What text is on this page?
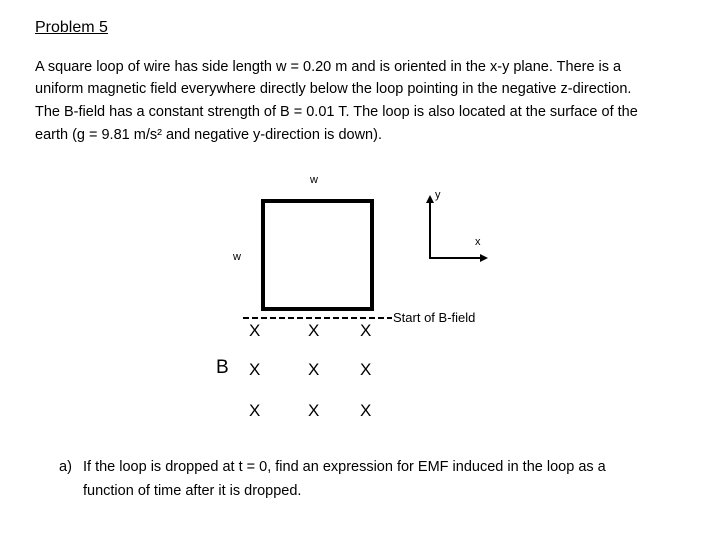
Problem 5
A square loop of wire has side length w = 0.20 m and is oriented in the x-y plane. There is a
uniform magnetic field everywhere directly below the loop pointing in the negative z-direction.
The B-field has a constant strength of B = 0.01 T. The loop is also located at the surface of the
earth (g = 9.81 m/s² and negative y-direction is down).
w
w
y
x
Start of B-field
X	X X
B X	X X
X	X X
a) If the loop is dropped at t = 0, find an expression for EMF induced in the loop as a
function of time after it is dropped.
